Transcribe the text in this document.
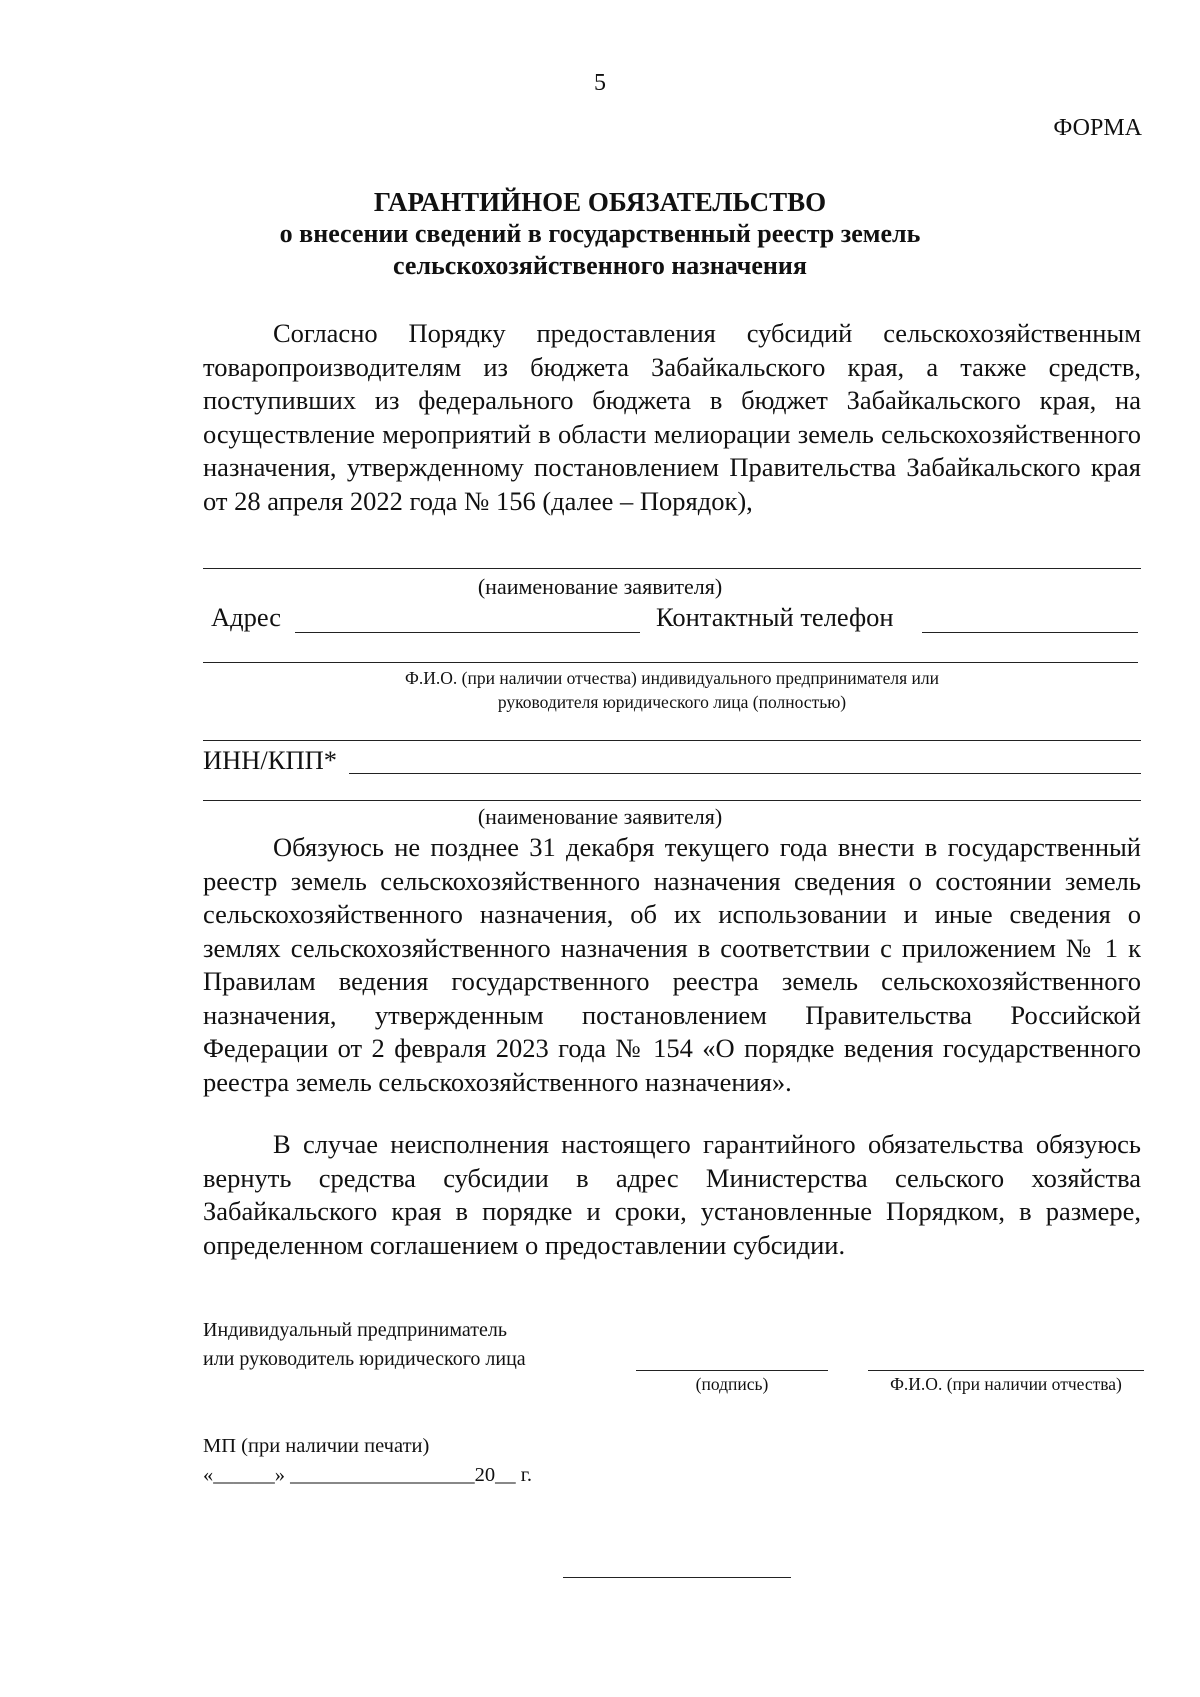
5
ФОРМА
ГАРАНТИЙНОЕ ОБЯЗАТЕЛЬСТВО
о внесении сведений в государственный реестр земель
сельскохозяйственного назначения
Согласно Порядку предоставления субсидий сельскохозяйственным товаропроизводителям из бюджета Забайкальского края, а также средств, поступивших из федерального бюджета в бюджет Забайкальского края, на осуществление мероприятий в области мелиорации земель сельскохозяйственного назначения, утвержденному постановлением Правительства Забайкальского края от 28 апреля 2022 года № 156 (далее – Порядок),
(наименование заявителя)
Адрес	Контактный телефон
Ф.И.О. (при наличии отчества) индивидуального предпринимателя или
руководителя юридического лица (полностью)
ИНН/КПП*
(наименование заявителя)
Обязуюсь не позднее 31 декабря текущего года внести в государственный реестр земель сельскохозяйственного назначения сведения о состоянии земель сельскохозяйственного назначения, об их использовании и иные сведения о землях сельскохозяйственного назначения в соответствии с приложением № 1 к Правилам ведения государственного реестра земель сельскохозяйственного назначения, утвержденным постановлением Правительства Российской Федерации от 2 февраля 2023 года № 154 «О порядке ведения государственного реестра земель сельскохозяйственного назначения».
В случае неисполнения настоящего гарантийного обязательства обязуюсь вернуть средства субсидии в адрес Министерства сельского хозяйства Забайкальского края в порядке и сроки, установленные Порядком, в размере, определенном соглашением о предоставлении субсидии.
Индивидуальный предприниматель
или руководитель юридического лица
(подпись)	Ф.И.О. (при наличии отчества)
МП (при наличии печати)
«______» __________________20__ г.
